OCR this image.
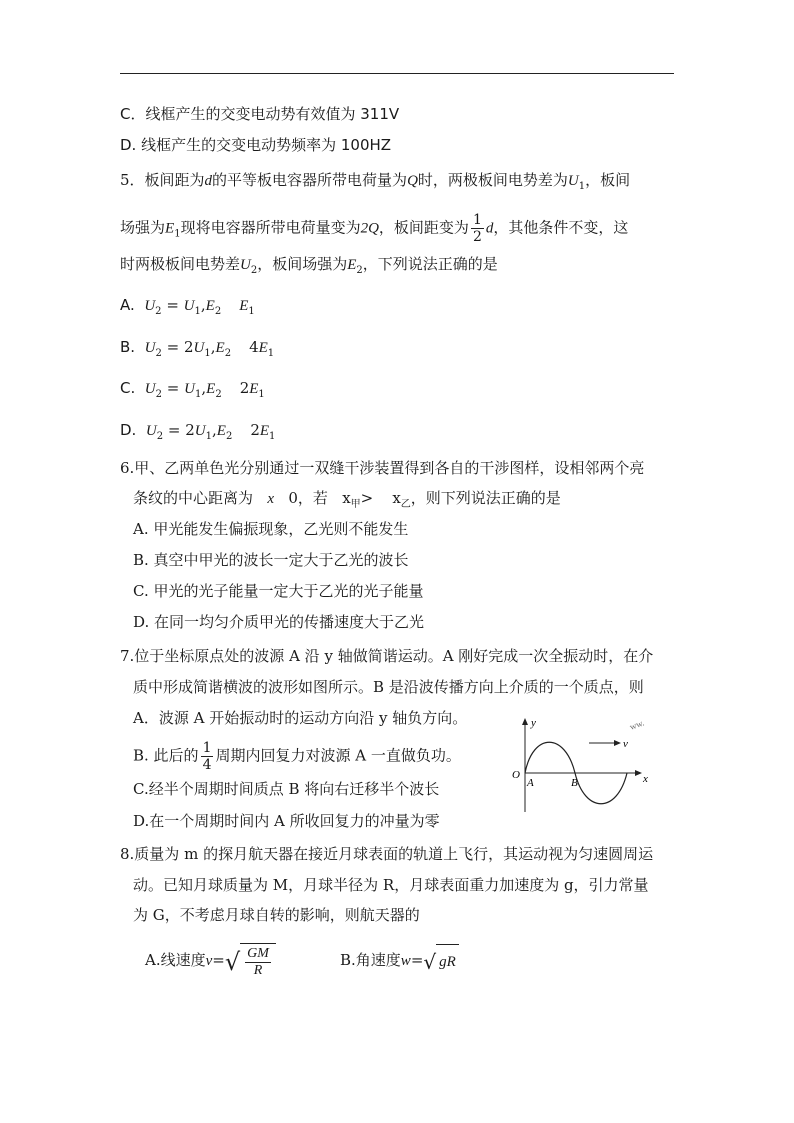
C．线框产生的交变电动势有效值为 311V
D. 线框产生的交变电动势频率为 100HZ
5．板间距为d的平等板电容器所带电荷量为Q时，两极板间电势差为$U_1$，板间
场强为$E_1$现将电容器所带电荷量变为2Q，板间距变为 $\frac{1}{2}$ d，其他条件不变，这
时两极板间电势差$U_2$，板间场强为$E_2$，下列说法正确的是
A. $U_2 = U_1,E_2$ $E_1$
B. $U_2 = 2U_1,E_2$ $4E_1$
C. $U_2 = U_1,E_2$ $2E_1$
D. $U_2 = 2U_1,E_2$ $2E_1$
6.甲、乙两单色光分别通过一双缝干涉装置得到各自的干涉图样，设相邻两个亮
条纹的中心距离为 x 0，若 $x_甲> x_乙$，则下列说法正确的是
A. 甲光能发生偏振现象，乙光则不能发生
B. 真空中甲光的波长一定大于乙光的波长
C. 甲光的光子能量一定大于乙光的光子能量
D. 在同一均匀介质甲光的传播速度大于乙光
7.位于坐标原点处的波源 A 沿 y 轴做简谐运动。A 刚好完成一次全振动时，在介
质中形成简谐横波的波形如图所示。B 是沿波传播方向上介质的一个质点，则
A．波源 A 开始振动时的运动方向沿 y 轴负方向。
B. 此后的 $\frac{1}{4}$ 周期内回复力对波源 A 一直做负功。
C.经半个周期时间质点 B 将向右迁移半个波长
D.在一个周期时间内 A 所收回复力的冲量为零
y
x
v
O
A	B
ww.
8.质量为 m 的探月航天器在接近月球表面的轨道上飞行，其运动视为匀速圆周运
动。已知月球质量为 M，月球半径为 R，月球表面重力加速度为 g，引力常量
为 G，不考虑月球自转的影响，则航天器的
A.线速度$v=√ \frac{GM}{R}$	B.角速度w=√ gR
